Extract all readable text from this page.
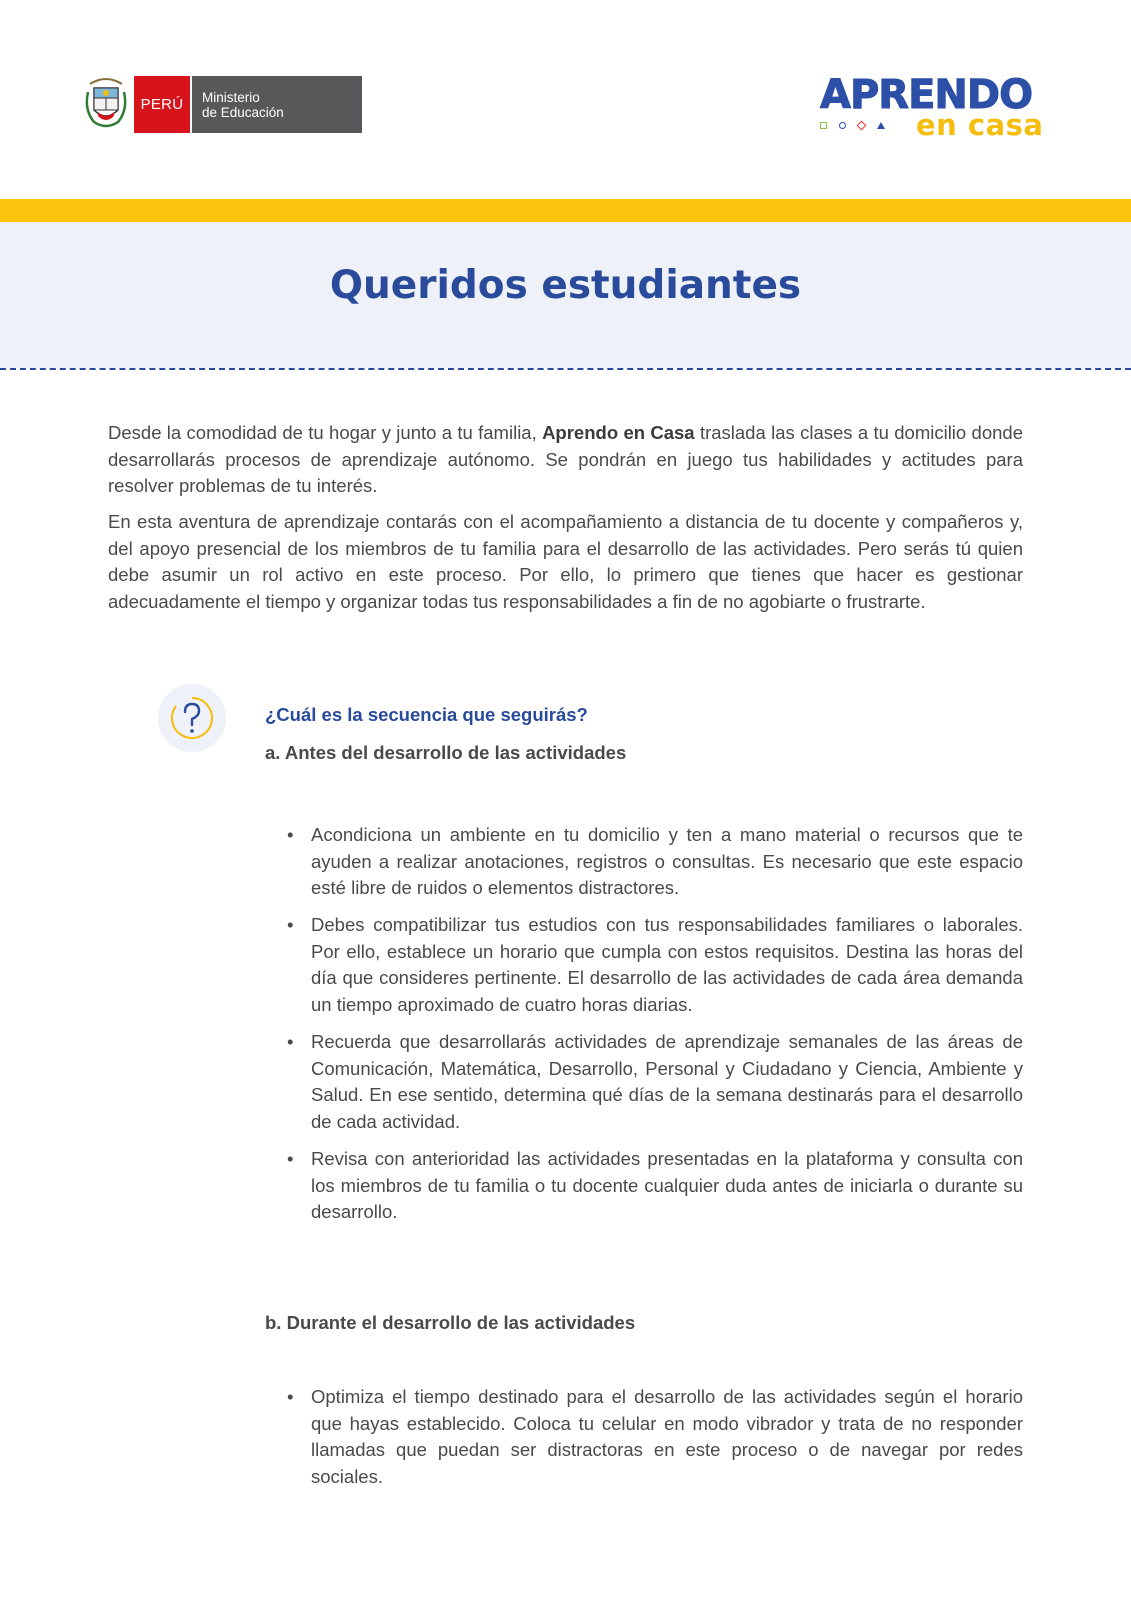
PERÚ	Ministerio
de Educación	APRENDO
en casa
Queridos estudiantes

Desde la comodidad de tu hogar y junto a tu familia, Aprendo en Casa traslada las clases a tu domicilio donde desarrollarás procesos de aprendizaje autónomo. Se pondrán en juego tus habilidades y actitudes para resolver problemas de tu interés.

En esta aventura de aprendizaje contarás con el acompañamiento a distancia de tu docente y compañeros y, del apoyo presencial de los miembros de tu familia para el desarrollo de las actividades. Pero serás tú quien debe asumir un rol activo en este proceso. Por ello, lo primero que tienes que hacer es gestionar adecuadamente el tiempo y organizar todas tus responsabilidades a fin de no agobiarte o frustrarte.

¿Cuál es la secuencia que seguirás?

a. Antes del desarrollo de las actividades

• Acondiciona un ambiente en tu domicilio y ten a mano material o recursos que te ayuden a realizar anotaciones, registros o consultas. Es necesario que este espacio esté libre de ruidos o elementos distractores.
• Debes compatibilizar tus estudios con tus responsabilidades familiares o laborales. Por ello, establece un horario que cumpla con estos requisitos. Destina las horas del día que consideres pertinente. El desarrollo de las actividades de cada área demanda un tiempo aproximado de cuatro horas diarias.
• Recuerda que desarrollarás actividades de aprendizaje semanales de las áreas de Comunicación, Matemática, Desarrollo, Personal y Ciudadano y Ciencia, Ambiente y Salud. En ese sentido, determina qué días de la semana destinarás para el desarrollo de cada actividad.
• Revisa con anterioridad las actividades presentadas en la plataforma y consulta con los miembros de tu familia o tu docente cualquier duda antes de iniciarla o durante su desarrollo.

b. Durante el desarrollo de las actividades

• Optimiza el tiempo destinado para el desarrollo de las actividades según el horario que hayas establecido. Coloca tu celular en modo vibrador y trata de no responder llamadas que puedan ser distractoras en este proceso o de navegar por redes sociales.
